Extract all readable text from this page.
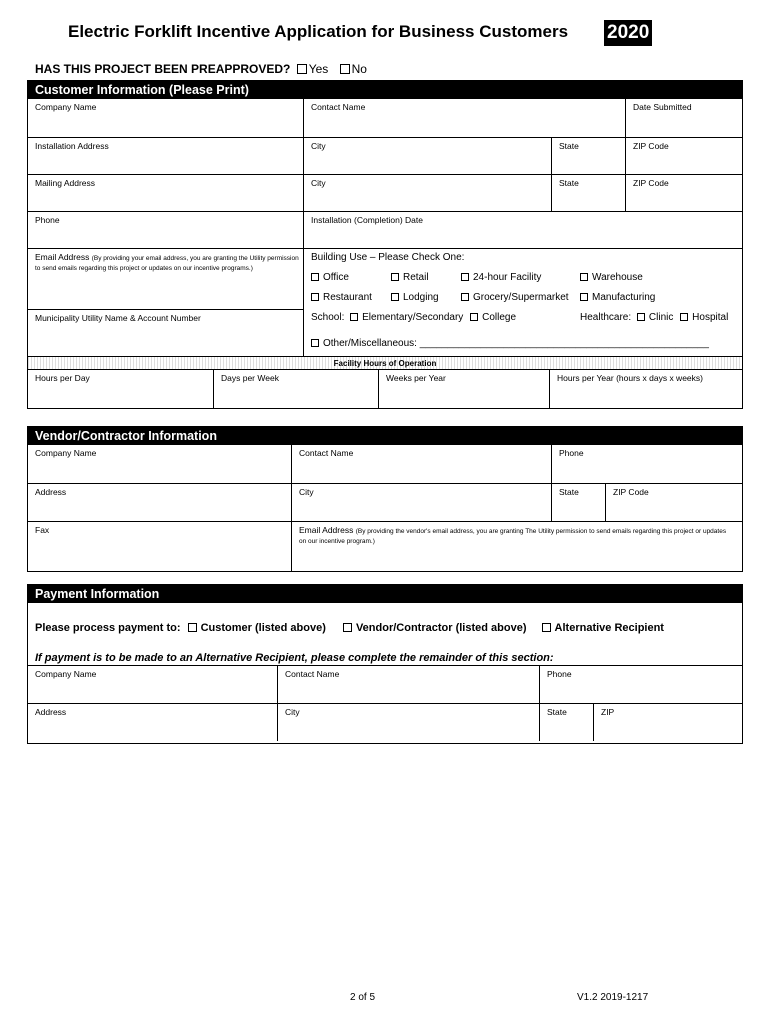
Electric Forklift Incentive Application for Business Customers 2020
HAS THIS PROJECT BEEN PREAPPROVED? Yes No
Customer Information (Please Print)
Company Name	Contact Name	Date Submitted
Installation Address	City	State	ZIP Code
Mailing Address	City	State	ZIP Code
Phone	Installation (Completion) Date
Email Address (By providing your email address, you are granting the Utility permission to send emails regarding this project or updates on our incentive programs.)
Municipality Utility Name & Account Number
Building Use – Please Check One:
Office	Retail	24-hour Facility	Warehouse
Restaurant	Lodging	Grocery/Supermarket	Manufacturing
School: Elementary/Secondary College	Healthcare: Clinic Hospital
Other/Miscellaneous: ____________________________________________________
Facility Hours of Operation
Hours per Day	Days per Week	Weeks per Year	Hours per Year (hours x days x weeks)
Vendor/Contractor Information
Company Name	Contact Name	Phone
Address	City	State	ZIP Code
Fax	Email Address (By providing the vendor's email address, you are granting The Utility permission to send emails regarding this project or updates on our incentive program.)
Payment Information
Please process payment to: Customer (listed above)	Vendor/Contractor (listed above)	Alternative Recipient
If payment is to be made to an Alternative Recipient, please complete the remainder of this section:
Company Name	Contact Name	Phone
Address	City	State	ZIP
2 of 5	V1.2 2019-1217
